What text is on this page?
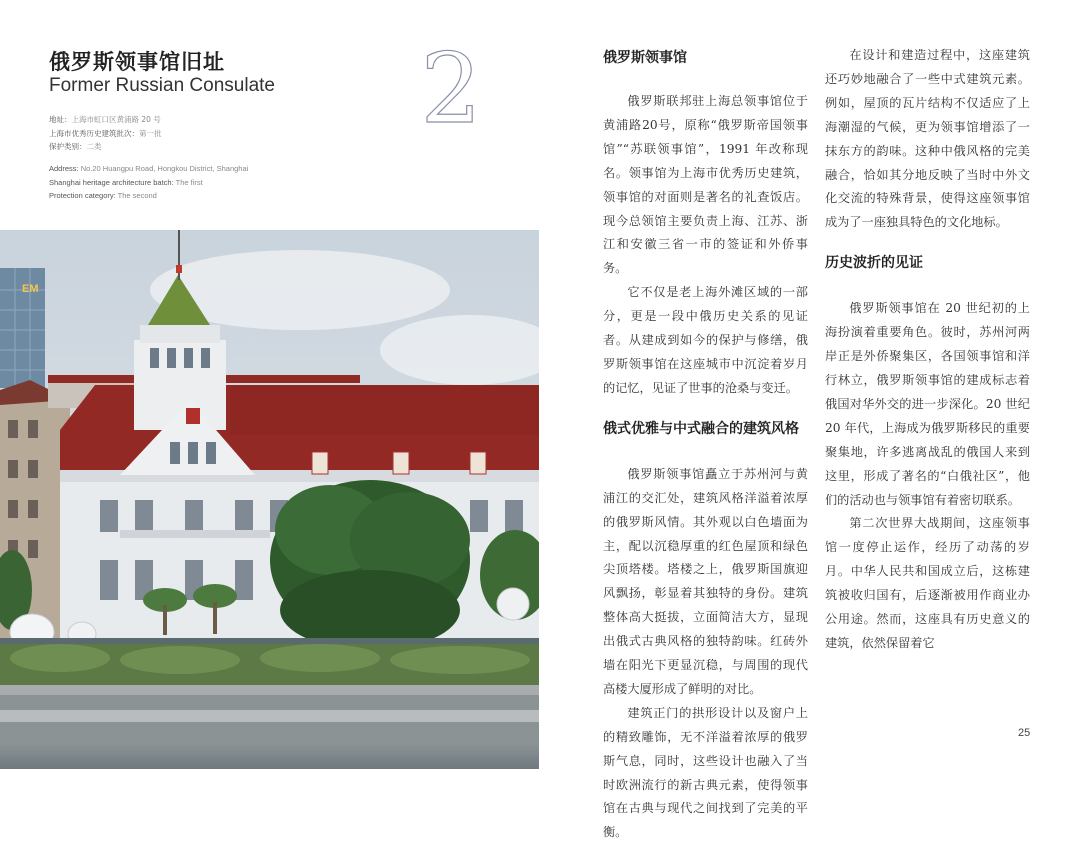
俄罗斯领事馆旧址
Former Russian Consulate 2
地址：上海市虹口区黄浦路 20 号
上海市优秀历史建筑批次：第一批
保护类别：二类
Address: No.20 Huangpu Road, Hongkou District, Shanghai
Shanghai heritage architecture batch: The first
Protection category: The second
EM
俄罗斯领事馆

俄罗斯联邦驻上海总领事馆位于黄浦路20号，原称“俄罗斯帝国领事馆”“苏联领事馆”，1991 年改称现名。领事馆为上海市优秀历史建筑，领事馆的对面则是著名的礼查饭店。现今总领馆主要负责上海、江苏、浙江和安徽三省一市的签证和外侨事务。

它不仅是老上海外滩区域的一部分，更是一段中俄历史关系的见证者。从建成到如今的保护与修缮，俄罗斯领事馆在这座城市中沉淀着岁月的记忆，见证了世事的沧桑与变迁。

俄式优雅与中式融合的建筑风格

俄罗斯领事馆矗立于苏州河与黄浦江的交汇处，建筑风格洋溢着浓厚的俄罗斯风情。其外观以白色墙面为主，配以沉稳厚重的红色屋顶和绿色尖顶塔楼。塔楼之上，俄罗斯国旗迎风飘扬，彰显着其独特的身份。建筑整体高大挺拔，立面简洁大方，显现出俄式古典风格的独特韵味。红砖外墙在阳光下更显沉稳，与周围的现代高楼大厦形成了鲜明的对比。

建筑正门的拱形设计以及窗户上的精致雕饰，无不洋溢着浓厚的俄罗斯气息，同时，这些设计也融入了当时欧洲流行的新古典元素，使得领事馆在古典与现代之间找到了完美的平衡。

在设计和建造过程中，这座建筑还巧妙地融合了一些中式建筑元素。例如，屋顶的瓦片结构不仅适应了上海潮湿的气候，更为领事馆增添了一抹东方的韵味。这种中俄风格的完美融合，恰如其分地反映了当时中外文化交流的特殊背景，使得这座领事馆成为了一座独具特色的文化地标。

历史波折的见证

俄罗斯领事馆在 20 世纪初的上海扮演着重要角色。彼时，苏州河两岸正是外侨聚集区，各国领事馆和洋行林立，俄罗斯领事馆的建成标志着俄国对华外交的进一步深化。20 世纪 20 年代，上海成为俄罗斯移民的重要聚集地，许多逃离战乱的俄国人来到这里，形成了著名的“白俄社区”，他们的活动也与领事馆有着密切联系。

第二次世界大战期间，这座领事馆一度停止运作，经历了动荡的岁月。中华人民共和国成立后，这栋建筑被收归国有，后逐渐被用作商业办公用途。然而，这座具有历史意义的建筑，依然保留着它

25
